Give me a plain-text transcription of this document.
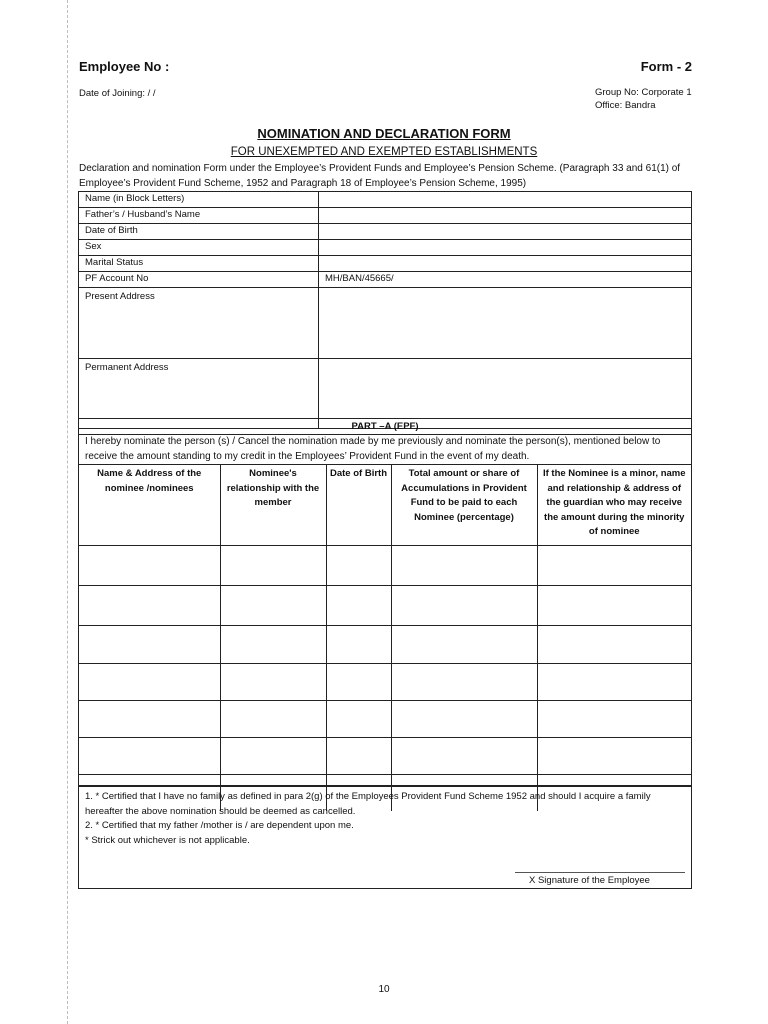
Employee No :	Form - 2
Date of Joining: / /	Group No: Corporate 1
Office: Bandra
NOMINATION AND DECLARATION FORM
FOR UNEXEMPTED AND EXEMPTED ESTABLISHMENTS
Declaration and nomination Form under the Employee’s Provident Funds and Employee’s Pension Scheme. (Paragraph 33 and 61(1) of Employee’s Provident Fund Scheme, 1952 and Paragraph 18 of Employee’s Pension Scheme, 1995)
Name (in Block Letters)
Father’s / Husband’s Name
Date of Birth
Sex
Marital Status
PF Account No	MH/BAN/45665/
Present Address
Permanent Address
PART –A (EPF)
I hereby nominate the person (s) / Cancel the nomination made by me previously and nominate the person(s), mentioned below to receive the amount standing to my credit in the Employees’ Provident Fund in the event of my death.
Name & Address of the nominee /nominees	Nominee's relationship with the member	Date of Birth	Total amount or share of Accumulations in Provident Fund to be paid to each Nominee (percentage)	If the Nominee is a minor, name and relationship & address of the guardian who may receive the amount during the minority of nominee

1. * Certified that I have no family as defined in para 2(g) of the Employees Provident Fund Scheme 1952 and should I acquire a family hereafter the above nomination should be deemed as cancelled.
2. * Certified that my father /mother is / are dependent upon me.
* Strick out whichever is not applicable.
X Signature of the Employee
10
